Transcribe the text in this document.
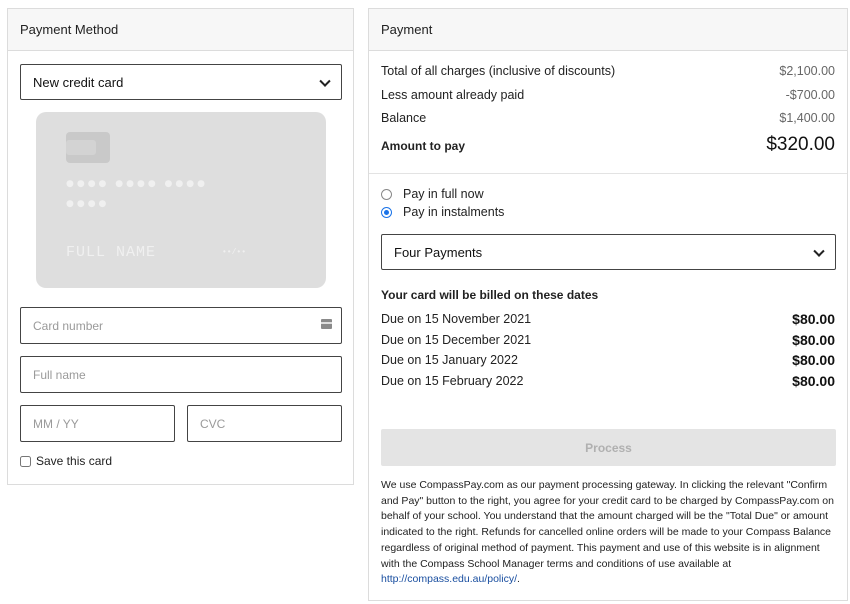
Payment Method
New credit card
●●●● ●●●● ●●●●
●●●●
FULL NAME	••/••
Card number
Full name
MM / YY
CVC
Save this card
Payment
Total of all charges (inclusive of discounts)	$2,100.00
Less amount already paid	-$700.00
Balance	$1,400.00
Amount to pay	$320.00
Pay in full now
Pay in instalments
Four Payments
Your card will be billed on these dates
Due on 15 November 2021	$80.00
Due on 15 December 2021	$80.00
Due on 15 January 2022	$80.00
Due on 15 February 2022	$80.00
Process
We use CompassPay.com as our payment processing gateway. In clicking the relevant "Confirm and Pay" button to the right, you agree for your credit card to be charged by CompassPay.com on behalf of your school. You understand that the amount charged will be the "Total Due" or amount indicated to the right. Refunds for cancelled online orders will be made to your Compass Balance regardless of original method of payment. This payment and use of this website is in alignment with the Compass School Manager terms and conditions of use available at http://compass.edu.au/policy/.
